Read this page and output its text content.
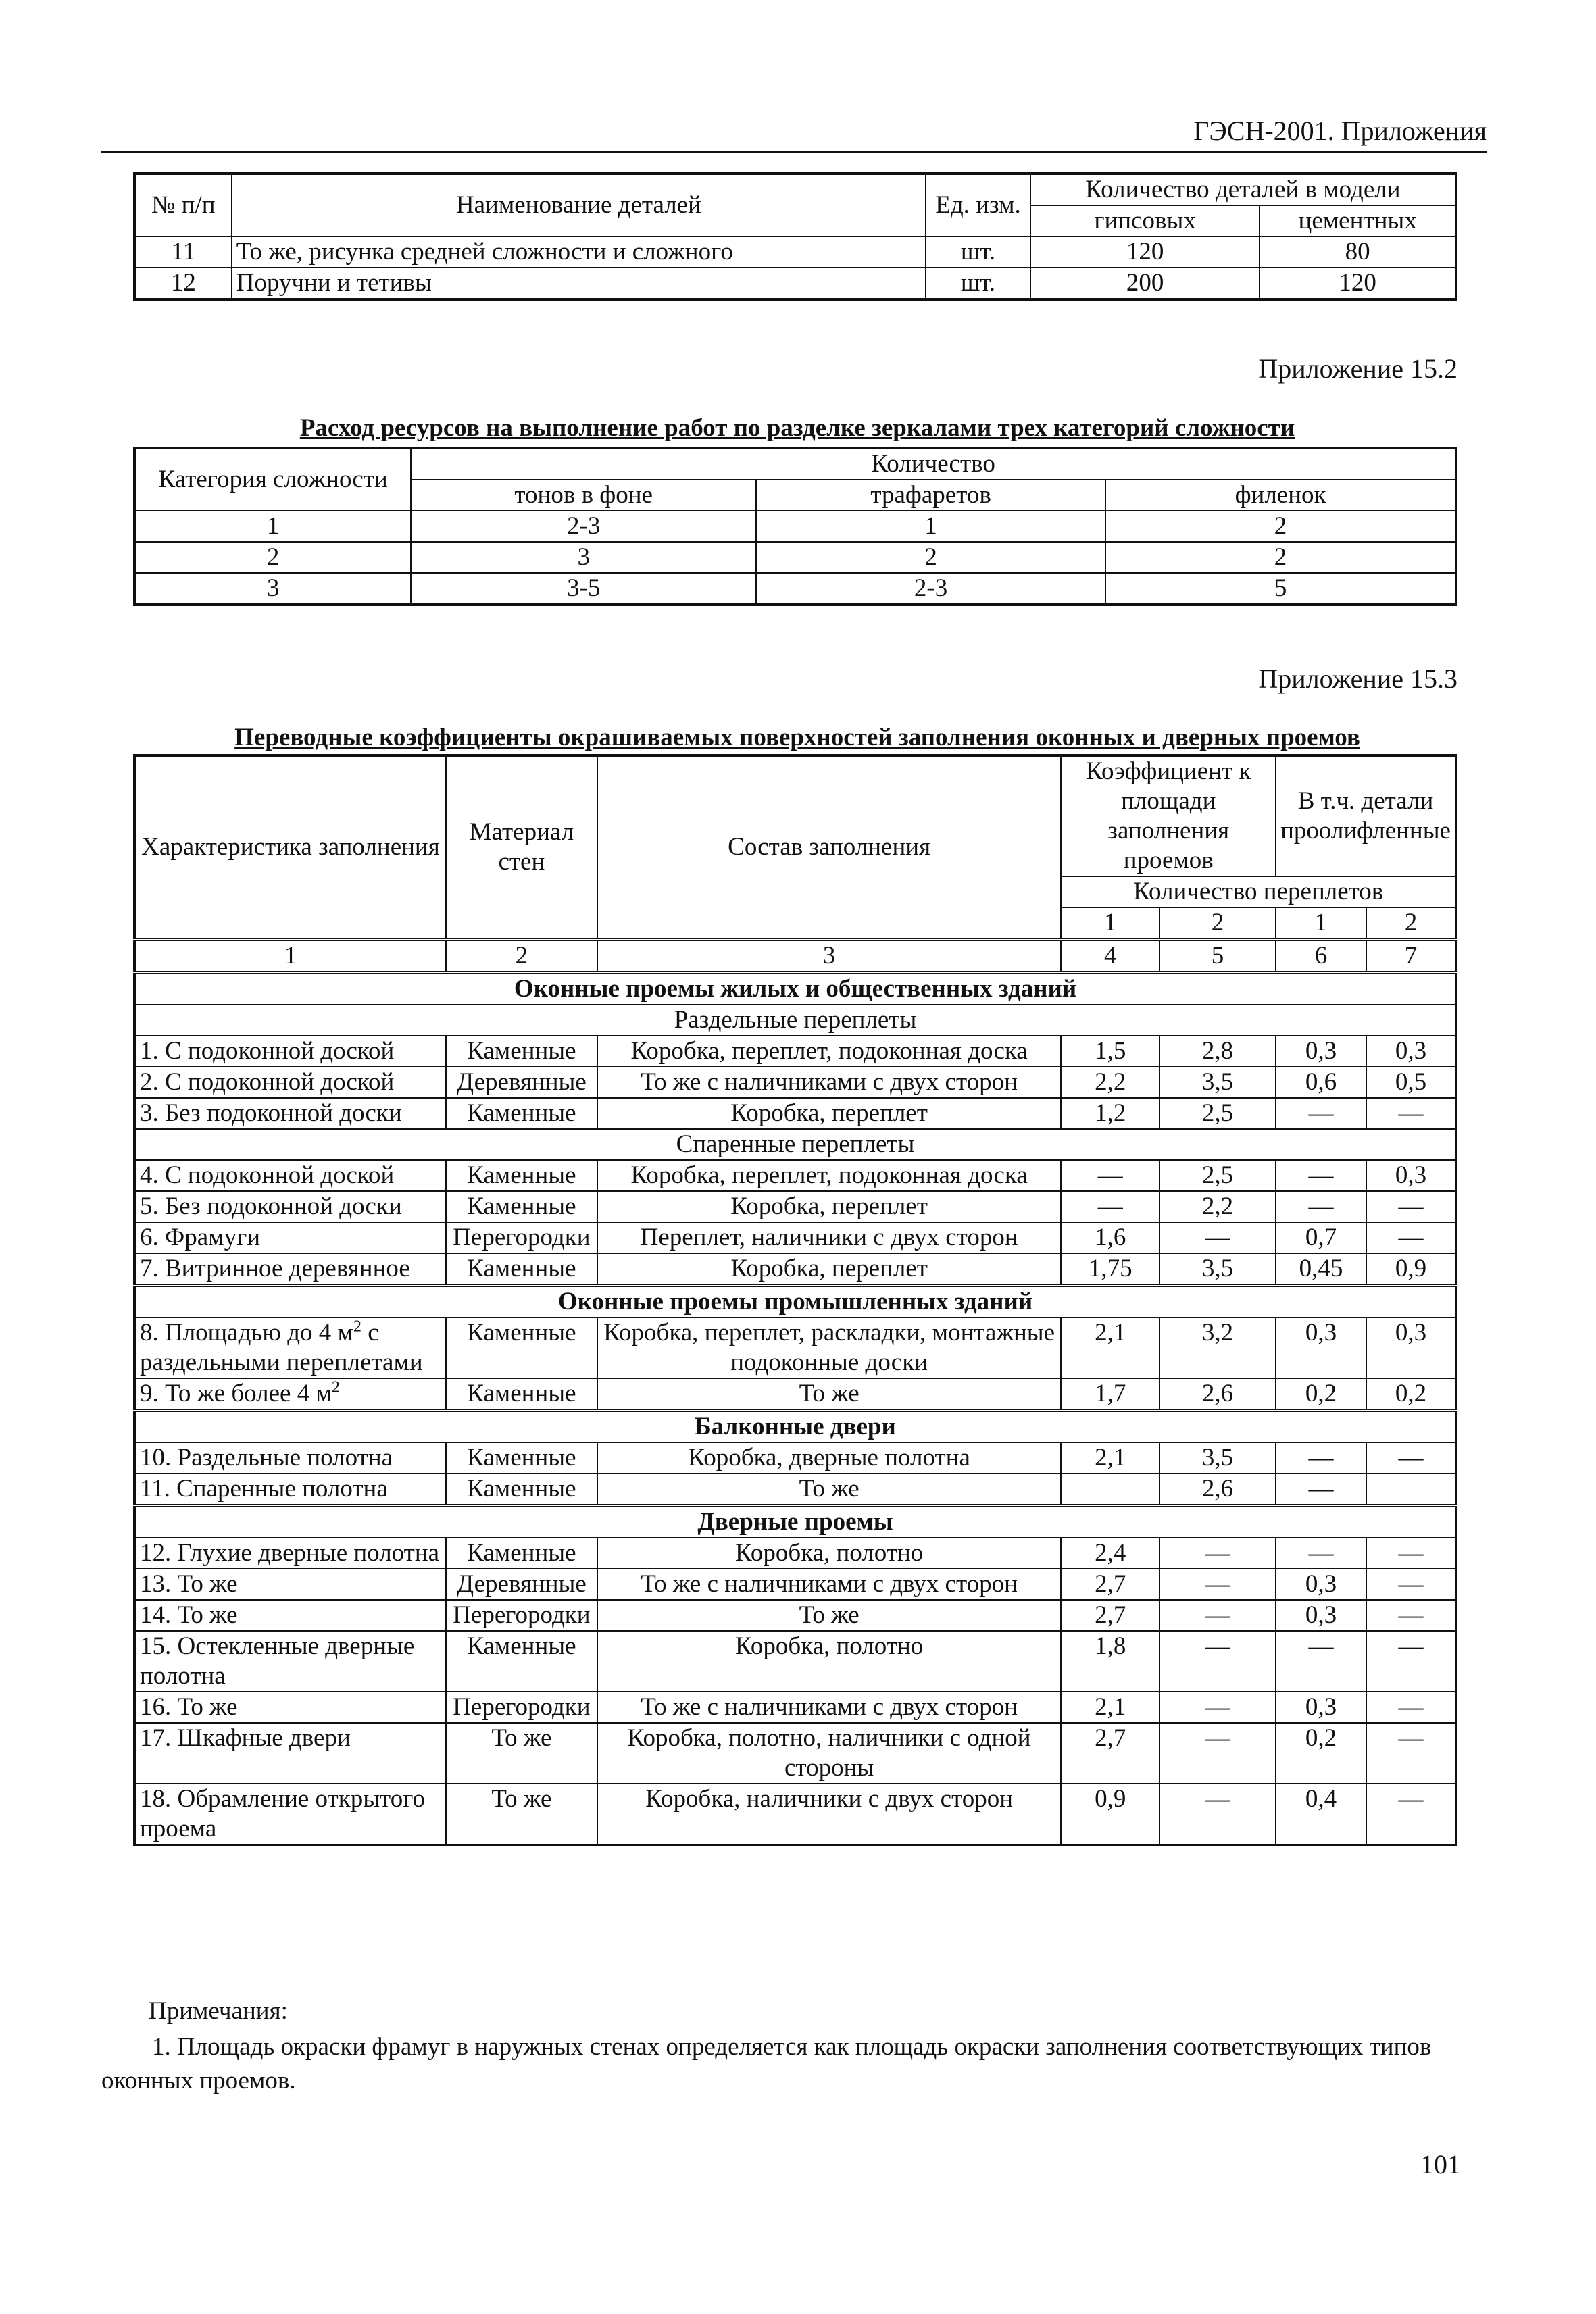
ГЭСН-2001. Приложения
№ п/п	Наименование деталей	Ед. изм.	Количество деталей в модели	
			гипсовых	цементных
11	То же, рисунка средней сложности и сложного	шт.	120	80
12	Поручни и тетивы	шт.	200	120
Приложение 15.2
Расход ресурсов на выполнение работ по разделке зеркалами трех категорий сложности
Категория сложности	Количество		
	тонов в фоне	трафаретов	филенок
1	2-3	1	2
2	3	2	2
3	3-5	2-3	5
Приложение 15.3
Переводные коэффициенты окрашиваемых поверхностей заполнения оконных и дверных проемов
Характеристика заполнения	Материал стен	Состав заполнения	Коэффициент к площади заполнения проемов		В т.ч. детали проолифленные	
			Количество переплетов			
			1	2	1	2
1	2	3	4	5	6	7
Оконные проемы жилых и общественных зданий						
Раздельные переплеты						
1. С подоконной доской	Каменные	Коробка, переплет, подоконная доска	1,5	2,8	0,3	0,3
2. С подоконной доской	Деревянные	То же с наличниками с двух сторон	2,2	3,5	0,6	0,5
3. Без подоконной доски	Каменные	Коробка, переплет	1,2	2,5	—	—
Спаренные переплеты						
4. С подоконной доской	Каменные	Коробка, переплет, подоконная доска	—	2,5	—	0,3
5. Без подоконной доски	Каменные	Коробка, переплет	—	2,2	—	—
6. Фрамуги	Перегородки	Переплет, наличники с двух сторон	1,6	—	0,7	—
7. Витринное деревянное	Каменные	Коробка, переплет	1,75	3,5	0,45	0,9
Оконные проемы промышленных зданий						
8. Площадью до 4 $м^2$ с раздельными переплетами	Каменные	Коробка, переплет, раскладки, монтажные подоконные доски	2,1	3,2	0,3	0,3
9. То же более 4 $м^2$	Каменные	То же	1,7	2,6	0,2	0,2
Балконные двери						
10. Раздельные полотна	Каменные	Коробка, дверные полотна	2,1	3,5	—	—
11. Спаренные полотна	Каменные	То же		2,6	—	
Дверные проемы						
12. Глухие дверные полотна	Каменные	Коробка, полотно	2,4	—	—	—
13. То же	Деревянные	То же с наличниками с двух сторон	2,7	—	0,3	—
14. То же	Перегородки	То же	2,7	—	0,3	—
15. Остекленные дверные полотна	Каменные	Коробка, полотно	1,8	—	—	—
16. То же	Перегородки	То же с наличниками с двух сторон	2,1	—	0,3	—
17. Шкафные двери	То же	Коробка, полотно, наличники с одной стороны	2,7	—	0,2	—
18. Обрамление открытого проема	То же	Коробка, наличники с двух сторон	0,9	—	0,4	—
Примечания:
1. Площадь окраски фрамуг в наружных стенах определяется как площадь окраски заполнения соответствующих типов оконных проемов.
101
